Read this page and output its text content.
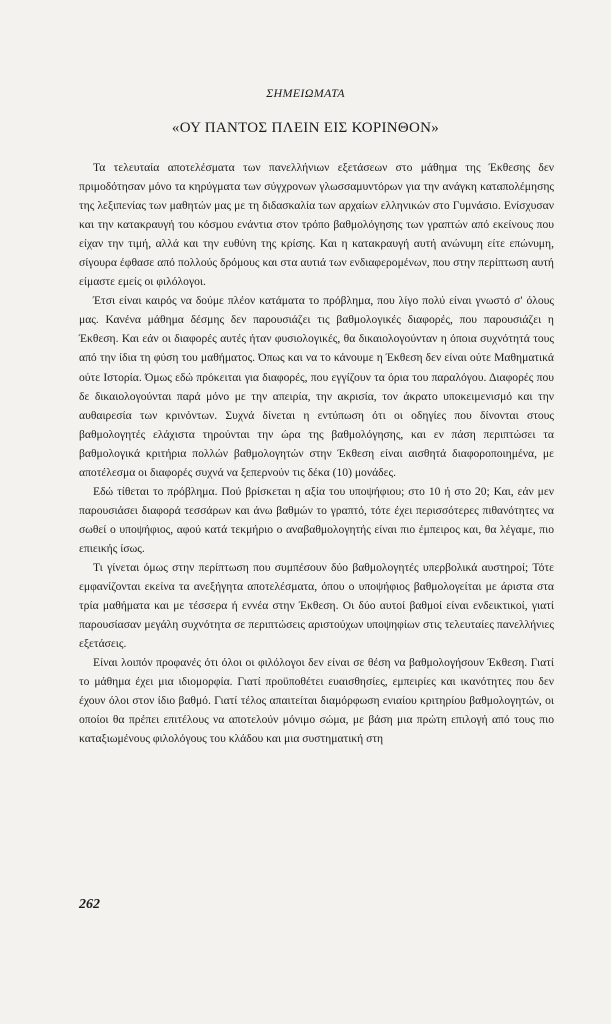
ΣΗΜΕΙΩΜΑΤΑ
«ΟΥ ΠΑΝΤΟΣ ΠΛΕΙΝ ΕΙΣ ΚΟΡΙΝΘΟΝ»

Τα τελευταία αποτελέσματα των πανελλήνιων εξετάσεων στο μάθημα της Έκθεσης δεν πριμοδότησαν μόνο τα κηρύγματα των σύγχρονων γλωσσαμυντόρων για την ανάγκη καταπολέμησης της λεξιπενίας των μαθητών μας με τη διδασκαλία των αρχαίων ελληνικών στο Γυμνάσιο. Ενίσχυσαν και την κατακραυγή του κόσμου ενάντια στον τρόπο βαθμολόγησης των γραπτών από εκείνους που είχαν την τιμή, αλλά και την ευθύνη της κρίσης. Και η κατακραυγή αυτή ανώνυμη είτε επώνυμη, σίγουρα έφθασε από πολλούς δρόμους και στα αυτιά των ενδιαφερομένων, που στην περίπτωση αυτή είμαστε εμείς οι φιλόλογοι.

Έτσι είναι καιρός να δούμε πλέον κατάματα το πρόβλημα, που λίγο πολύ είναι γνωστό σ' όλους μας. Κανένα μάθημα δέσμης δεν παρουσιάζει τις βαθμολογικές διαφορές, που παρουσιάζει η Έκθεση. Και εάν οι διαφορές αυτές ήταν φυσιολογικές, θα δικαιολογούνταν η όποια συχνότητά τους από την ίδια τη φύση του μαθήματος. Όπως και να το κάνουμε η Έκθεση δεν είναι ούτε Μαθηματικά ούτε Ιστορία. Όμως εδώ πρόκειται για διαφορές, που εγγίζουν τα όρια του παραλόγου. Διαφορές που δε δικαιολογούνται παρά μόνο με την απειρία, την ακρισία, τον άκρατο υποκειμενισμό και την αυθαιρεσία των κρινόντων. Συχνά δίνεται η εντύπωση ότι οι οδηγίες που δίνονται στους βαθμολογητές ελάχιστα τηρούνται την ώρα της βαθμολόγησης, και εν πάση περιπτώσει τα βαθμολογικά κριτήρια πολλών βαθμολογητών στην Έκθεση είναι αισθητά διαφοροποιημένα, με αποτέλεσμα οι διαφορές συχνά να ξεπερνούν τις δέκα (10) μονάδες.

Εδώ τίθεται το πρόβλημα. Πού βρίσκεται η αξία του υποψήφιου; στο 10 ή στο 20; Και, εάν μεν παρουσιάσει διαφορά τεσσάρων και άνω βαθμών το γραπτό, τότε έχει περισσότερες πιθανότητες να σωθεί ο υποψήφιος, αφού κατά τεκμήριο ο αναβαθμολογητής είναι πιο έμπειρος και, θα λέγαμε, πιο επιεικής ίσως.

Τι γίνεται όμως στην περίπτωση που συμπέσουν δύο βαθμολογητές υπερβολικά αυστηροί; Τότε εμφανίζονται εκείνα τα ανεξήγητα αποτελέσματα, όπου ο υποψήφιος βαθμολογείται με άριστα στα τρία μαθήματα και με τέσσερα ή εννέα στην Έκθεση. Οι δύο αυτοί βαθμοί είναι ενδεικτικοί, γιατί παρουσίασαν μεγάλη συχνότητα σε περιπτώσεις αριστούχων υποψηφίων στις τελευταίες πανελλήνιες εξετάσεις.

Είναι λοιπόν προφανές ότι όλοι οι φιλόλογοι δεν είναι σε θέση να βαθμολογήσουν Έκθεση. Γιατί το μάθημα έχει μια ιδιομορφία. Γιατί προϋποθέτει ευαισθησίες, εμπειρίες και ικανότητες που δεν έχουν όλοι στον ίδιο βαθμό. Γιατί τέλος απαιτείται διαμόρφωση ενιαίου κριτηρίου βαθμολογητών, οι οποίοι θα πρέπει επιτέλους να αποτελούν μόνιμο σώμα, με βάση μια πρώτη επιλογή από τους πιο καταξιωμένους φιλολόγους του κλάδου και μια συστηματική στη

262
